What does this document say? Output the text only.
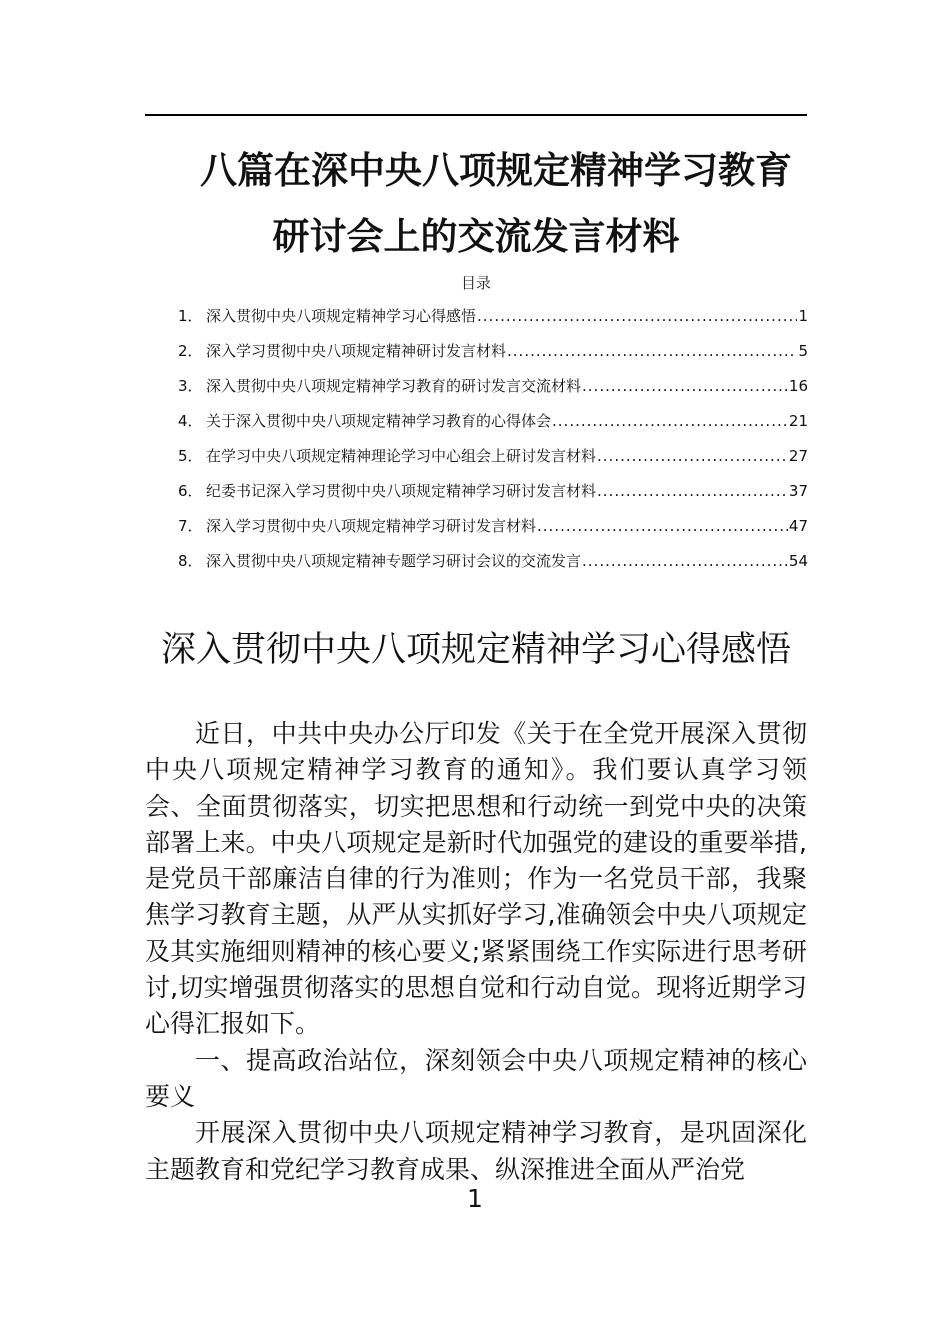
八篇在深中央八项规定精神学习教育
研讨会上的交流发言材料
目录
1． 深入贯彻中央八项规定精神学习心得感悟 .....	1
2． 深入学习贯彻中央八项规定精神研讨发言材料 .....	5
3． 深入贯彻中央八项规定精神学习教育的研讨发言交流材料 .....	16
4． 关于深入贯彻中央八项规定精神学习教育的心得体会 .....	21
5． 在学习中央八项规定精神理论学习中心组会上研讨发言材料 .....	27
6． 纪委书记深入学习贯彻中央八项规定精神学习研讨发言材料 .....	37
7． 深入学习贯彻中央八项规定精神学习研讨发言材料 .....	47
8． 深入贯彻中央八项规定精神专题学习研讨会议的交流发言 .....	54
深入贯彻中央八项规定精神学习心得感悟

近日，中共中央办公厅印发《关于在全党开展深入贯彻中央八项规定精神学习教育的通知》。我们要认真学习领会、全面贯彻落实，切实把思想和行动统一到党中央的决策部署上来。中央八项规定是新时代加强党的建设的重要举措,是党员干部廉洁自律的行为准则；作为一名党员干部，我聚焦学习教育主题，从严从实抓好学习,准确领会中央八项规定及其实施细则精神的核心要义;紧紧围绕工作实际进行思考研讨,切实增强贯彻落实的思想自觉和行动自觉。现将近期学习心得汇报如下。

一、提高政治站位，深刻领会中央八项规定精神的核心要义

开展深入贯彻中央八项规定精神学习教育，是巩固深化主题教育和党纪学习教育成果、纵深推进全面从严治党

1
